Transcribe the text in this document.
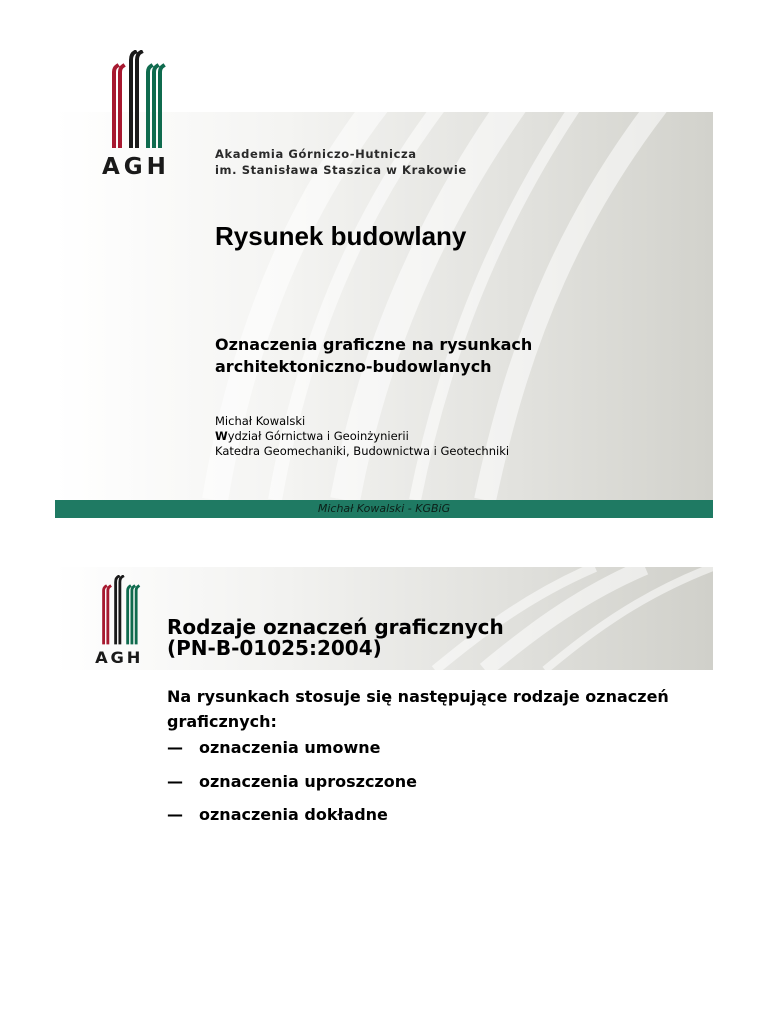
AGH	Akademia Górniczo-Hutnicza
im. Stanisława Staszica w Krakowie
Rysunek budowlany
Oznaczenia graficzne na rysunkach
architektoniczno-budowlanych
Michał Kowalski
Wydział Górnictwa i Geoinżynierii
Katedra Geomechaniki, Budownictwa i Geotechniki
Michał Kowalski - KGBiG
AGH
Rodzaje oznaczeń graficznych
(PN-B-01025:2004)
Na rysunkach stosuje się następujące rodzaje oznaczeń graficznych:
— oznaczenia umowne
— oznaczenia uproszczone
— oznaczenia dokładne
